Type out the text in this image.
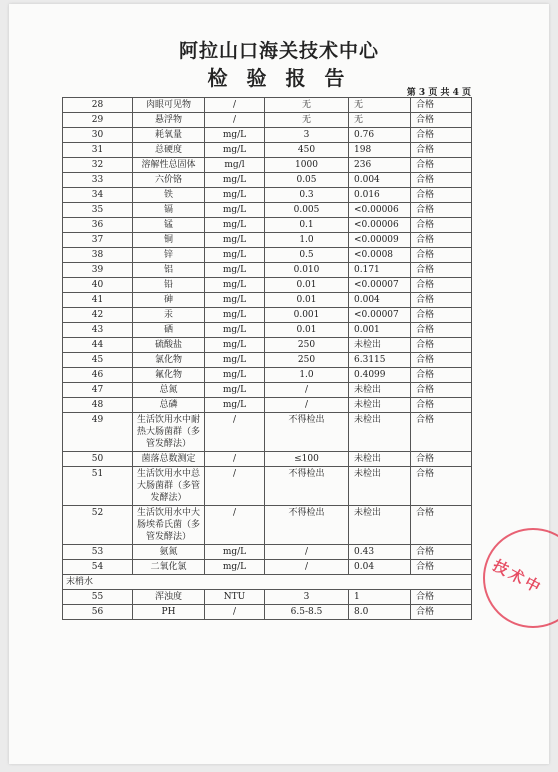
阿拉山口海关技术中心
检 验 报 告
第 3 页 共 4 页
28	肉眼可见物	/	无	无	合格
29	悬浮物	/	无	无	合格
30	耗氧量	mg/L	3	0.76	合格
31	总硬度	mg/L	450	198	合格
32	溶解性总固体	mg/l	1000	236	合格
33	六价铬	mg/L	0.05	0.004	合格
34	铁	mg/L	0.3	0.016	合格
35	镉	mg/L	0.005	<0.00006	合格
36	锰	mg/L	0.1	<0.00006	合格
37	铜	mg/L	1.0	<0.00009	合格
38	锌	mg/L	0.5	<0.0008	合格
39	铝	mg/L	0.010	0.171	合格
40	铅	mg/L	0.01	<0.00007	合格
41	砷	mg/L	0.01	0.004	合格
42	汞	mg/L	0.001	<0.00007	合格
43	硒	mg/L	0.01	0.001	合格
44	硫酸盐	mg/L	250	未检出	合格
45	氯化物	mg/L	250	6.3115	合格
46	氟化物	mg/L	1.0	0.4099	合格
47	总氮	mg/L	/	未检出	合格
48	总磷	mg/L	/	未检出	合格
49	生活饮用水中耐热大肠菌群（多管发酵法）	/	不得检出	未检出	合格
50	菌落总数测定	/	≤100	未检出	合格
51	生活饮用水中总大肠菌群（多管发酵法）	/	不得检出	未检出	合格
52	生活饮用水中大肠埃希氏菌（多管发酵法）	/	不得检出	未检出	合格
53	氨氮	mg/L	/	0.43	合格
54	二氧化氯	mg/L	/	0.04	合格
末梢水					
55	浑浊度	NTU	3	1	合格
56	PH	/	6.5-8.5	8.0	合格
技术中
